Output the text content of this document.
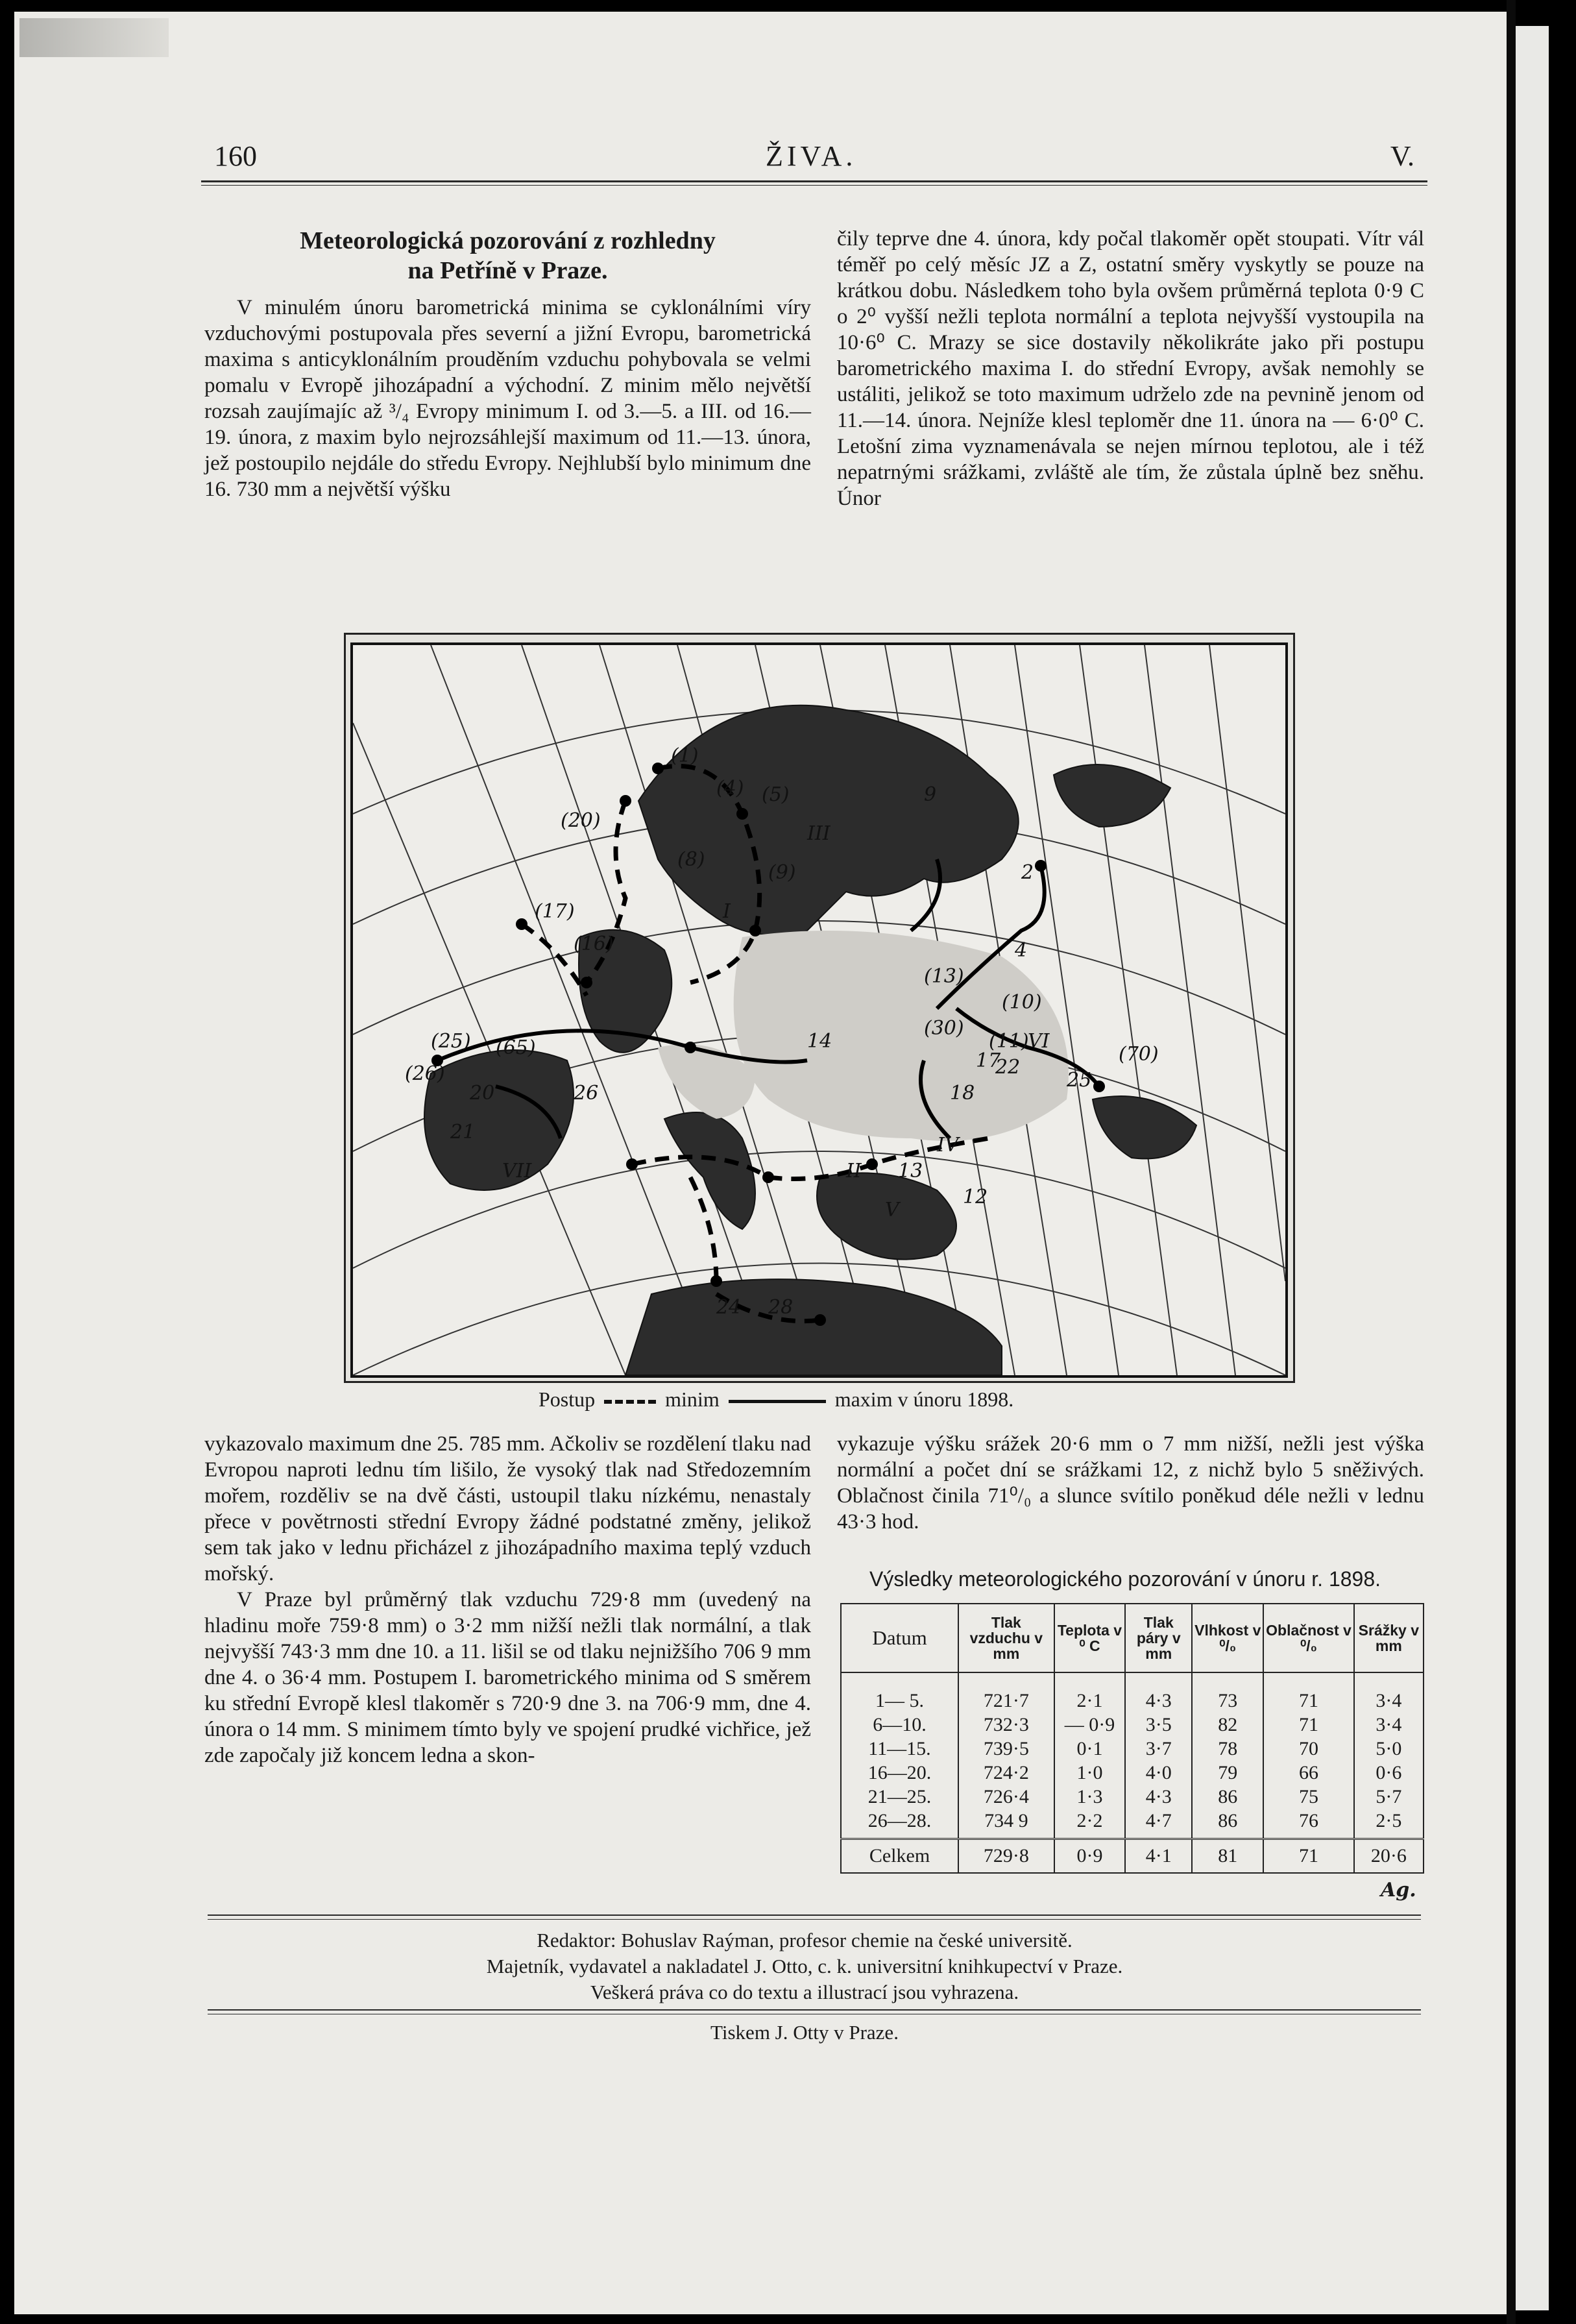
160	ŽIVA.	V.
Meteorologická pozorování z rozhledny
na Petříně v Praze.

V minulém únoru barometrická minima se cyklonálními víry vzduchovými postupovala přes severní a jižní Evropu, barometrická maxima s anticyklonálním prouděním vzduchu pohybovala se velmi pomalu v Evropě jihozápadní a východní. Z minim mělo největší rozsah zaujímajíc až ³/₄ Evropy minimum I. od 3.—5. a III. od 16.—19. února, z maxim bylo nejrozsáhlejší maximum od 11.—13. února, jež postoupilo nejdále do středu Evropy. Nejhlubší bylo minimum dne 16. 730 mm a největší výšku

čily teprve dne 4. února, kdy počal tlakoměr opět stoupati. Vítr vál téměř po celý měsíc JZ a Z, ostatní směry vyskytly se pouze na krátkou dobu. Následkem toho byla ovšem průměrná teplota 0·9 C o 2⁰ vyšší nežli teplota normální a teplota nejvyšší vystoupila na 10·6⁰ C. Mrazy se sice dostavily několikráte jako při postupu barometrického maxima I. do střední Evropy, avšak nemohly se ustáliti, jelikož se toto maximum udrželo zde na pevnině jenom od 11.—14. února. Nejníže klesl teploměr dne 11. února na — 6·0⁰ C. Letošní zima vyznamenávala se nejen mírnou teplotou, ale i též nepatrnými srážkami, zvláště ale tím, že zůstala úplně bez sněhu. Únor

(1)
(4) (5)
(8)
(9)
(10)
(11)
(13)
(16)
(17)
(20)
(25)
(26)
(30)
(65)	(70)
I
II
III
IV
V
VI
VII
2
4
9
12
13
14
17
18
20
21
22
24
25
26
28
Postup	minim	maxim v únoru 1898.

vykazovalo maximum dne 25. 785 mm. Ačkoliv se rozdělení tlaku nad Evropou naproti lednu tím lišilo, že vysoký tlak nad Středozemním mořem, rozděliv se na dvě části, ustoupil tlaku nízkému, nenastaly přece v povětrnosti střední Evropy žádné podstatné změny, jelikož sem tak jako v lednu přicházel z jihozápadního maxima teplý vzduch mořský.

V Praze byl průměrný tlak vzduchu 729·8 mm (uvedený na hladinu moře 759·8 mm) o 3·2 mm nižší nežli tlak normální, a tlak nejvyšší 743·3 mm dne 10. a 11. lišil se od tlaku nejnižšího 706 9 mm dne 4. o 36·4 mm. Postupem I. barometrického minima od S směrem ku střední Evropě klesl tlakoměr s 720·9 dne 3. na 706·9 mm, dne 4. února o 14 mm. S minimem tímto byly ve spojení prudké vichřice, jež zde započaly již koncem ledna a skon-

vykazuje výšku srážek 20·6 mm o 7 mm nižší, nežli jest výška normální a počet dní se srážkami 12, z nichž bylo 5 sněživých. Oblačnost činila 71⁰/₀ a slunce svítilo poněkud déle nežli v lednu 43·3 hod.

Výsledky meteorologického pozorování v únoru r. 1898.
Datum	Tlak vzduchu v mm	Teplota v ⁰ C	Tlak páry v mm	Vlhkost v ⁰/₀	Oblačnost v ⁰/₀	Srážky v mm
1— 5.	721·7	2·1	4·3	73	71	3·4
6—10.	732·3	— 0·9	3·5	82	71	3·4
11—15.	739·5	0·1	3·7	78	70	5·0
16—20.	724·2	1·0	4·0	79	66	0·6
21—25.	726·4	1·3	4·3	86	75	5·7
26—28.	734 9	2·2	4·7	86	76	2·5
Celkem	729·8	0·9	4·1	81	71	20·6
Ag.
Redaktor: Bohuslav Raýman, profesor chemie na české universitě.
Majetník, vydavatel a nakladatel J. Otto, c. k. universitní knihkupectví v Praze.
Veškerá práva co do textu a illustrací jsou vyhrazena.
Tiskem J. Otty v Praze.
